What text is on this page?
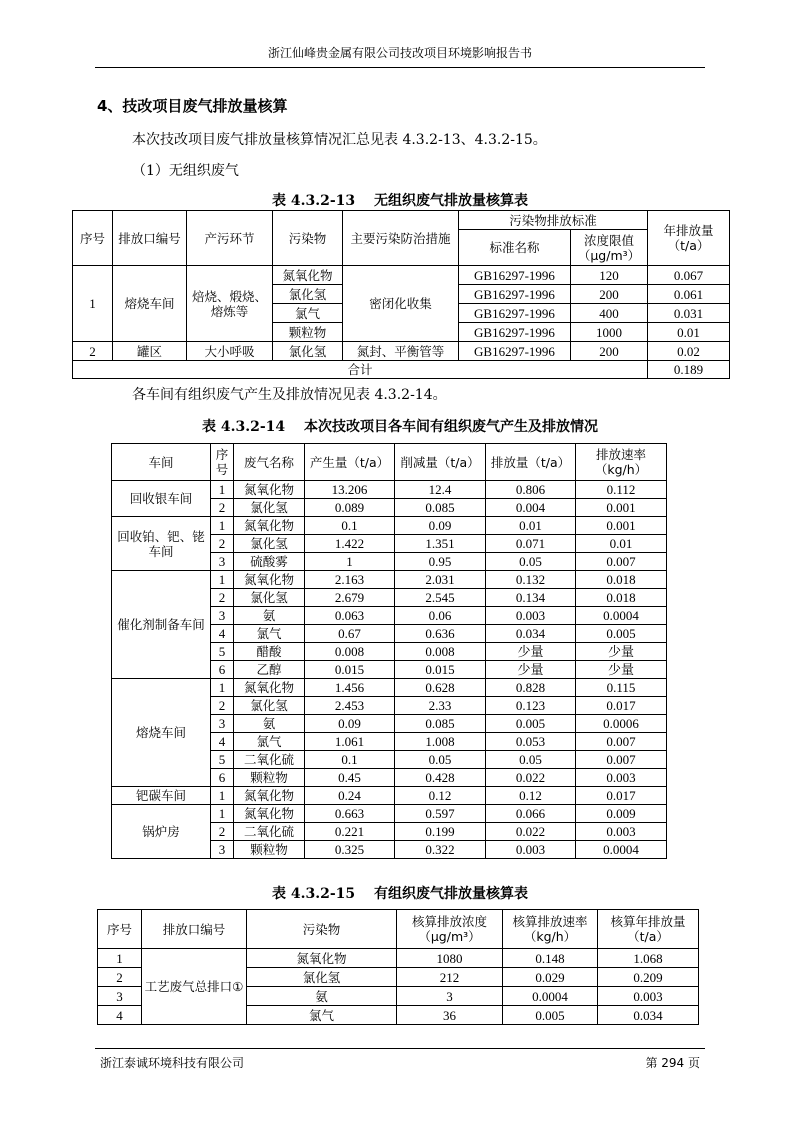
浙江仙峰贵金属有限公司技改项目环境影响报告书
4、技改项目废气排放量核算
本次技改项目废气排放量核算情况汇总见表 4.3.2-13、4.3.2-15。
（1）无组织废气
表 4.3.2-13　 无组织废气排放量核算表
序号	排放口编号	产污环节	污染物	主要污染防治措施	污染物排放标准		年排放量（t/a）
					标准名称	浓度限值（μg/m³）	
1	熔烧车间	焙烧、煅烧、熔炼等	氮氧化物	密闭化收集	GB16297-1996	120	0.067
			氯化氢		GB16297-1996	200	0.061
			氯气		GB16297-1996	400	0.031
			颗粒物		GB16297-1996	1000	0.01
2	罐区	大小呼吸	氯化氢	氮封、平衡管等	GB16297-1996	200	0.02
合计							0.189
各车间有组织废气产生及排放情况见表 4.3.2-14。
表 4.3.2-14　 本次技改项目各车间有组织废气产生及排放情况
车间	序号	废气名称	产生量（t/a）	削减量（t/a）	排放量（t/a）	排放速率（kg/h）
回收银车间	1	氮氧化物	13.206	12.4	0.806	0.112
	2	氯化氢	0.089	0.085	0.004	0.001
回收铂、钯、铑车间	1	氮氧化物	0.1	0.09	0.01	0.001
	2	氯化氢	1.422	1.351	0.071	0.01
	3	硫酸雾	1	0.95	0.05	0.007
催化剂制备车间	1	氮氧化物	2.163	2.031	0.132	0.018
	2	氯化氢	2.679	2.545	0.134	0.018
	3	氨	0.063	0.06	0.003	0.0004
	4	氯气	0.67	0.636	0.034	0.005
	5	醋酸	0.008	0.008	少量	少量
	6	乙醇	0.015	0.015	少量	少量
熔烧车间	1	氮氧化物	1.456	0.628	0.828	0.115
	2	氯化氢	2.453	2.33	0.123	0.017
	3	氨	0.09	0.085	0.005	0.0006
	4	氯气	1.061	1.008	0.053	0.007
	5	二氧化硫	0.1	0.05	0.05	0.007
	6	颗粒物	0.45	0.428	0.022	0.003
钯碳车间	1	氮氧化物	0.24	0.12	0.12	0.017
锅炉房	1	氮氧化物	0.663	0.597	0.066	0.009
	2	二氧化硫	0.221	0.199	0.022	0.003
	3	颗粒物	0.325	0.322	0.003	0.0004
表 4.3.2-15　 有组织废气排放量核算表
序号	排放口编号	污染物	核算排放浓度（μg/m³）	核算排放速率（kg/h）	核算年排放量（t/a）
1	工艺废气总排口①	氮氧化物	1080	0.148	1.068
2		氯化氢	212	0.029	0.209
3		氨	3	0.0004	0.003
4		氯气	36	0.005	0.034
浙江泰诚环境科技有限公司	第 294 页
